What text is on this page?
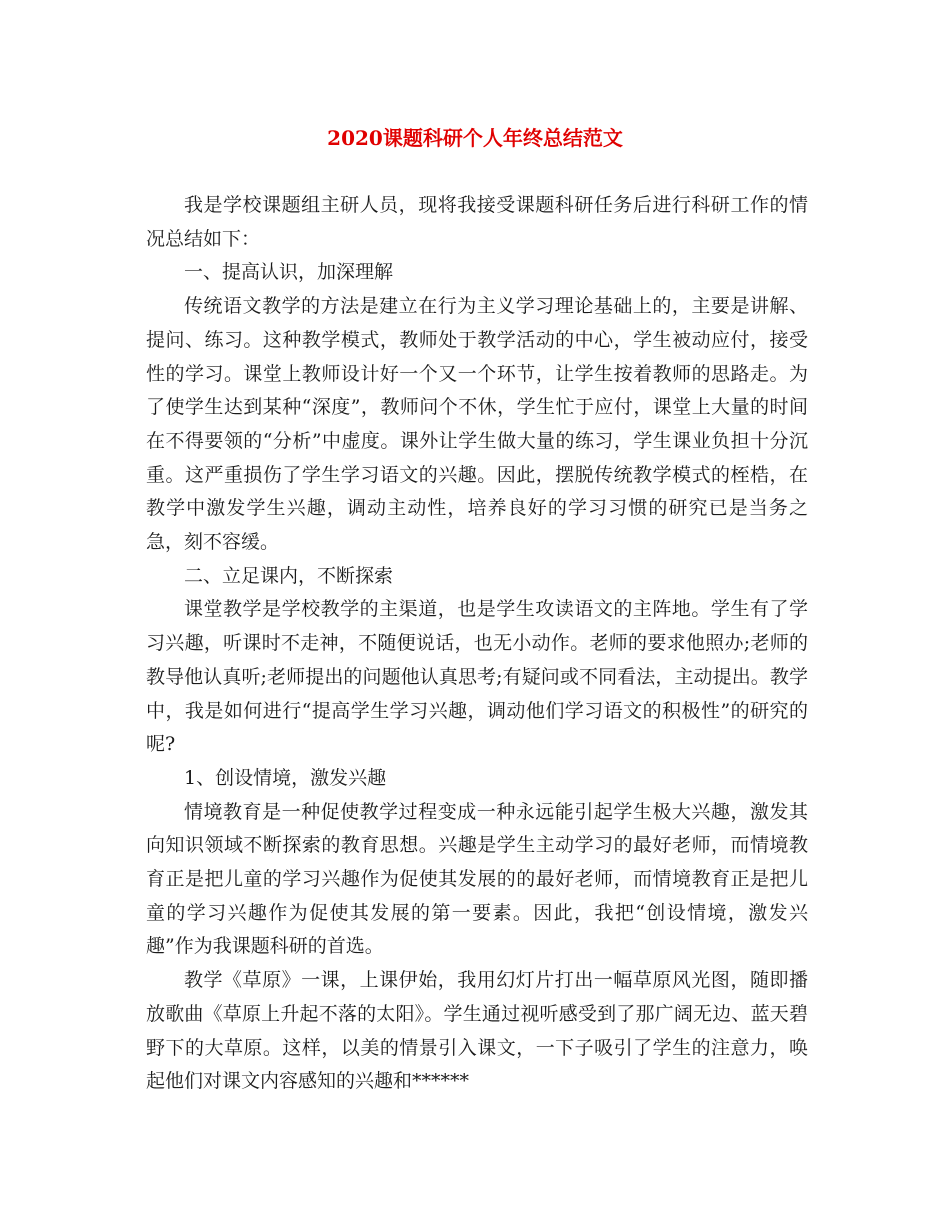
2020课题科研个人年终总结范文

我是学校课题组主研人员，现将我接受课题科研任务后进行科研工作的情况总结如下：

一、提高认识，加深理解

传统语文教学的方法是建立在行为主义学习理论基础上的，主要是讲解、提问、练习。这种教学模式，教师处于教学活动的中心，学生被动应付，接受性的学习。课堂上教师设计好一个又一个环节，让学生按着教师的思路走。为了使学生达到某种“深度”，教师问个不休，学生忙于应付，课堂上大量的时间在不得要领的“分析”中虚度。课外让学生做大量的练习，学生课业负担十分沉重。这严重损伤了学生学习语文的兴趣。因此，摆脱传统教学模式的桎梏，在教学中激发学生兴趣，调动主动性，培养良好的学习习惯的研究已是当务之急，刻不容缓。

二、立足课内，不断探索

课堂教学是学校教学的主渠道，也是学生攻读语文的主阵地。学生有了学习兴趣，听课时不走神，不随便说话，也无小动作。老师的要求他照办;老师的教导他认真听;老师提出的问题他认真思考;有疑问或不同看法，主动提出。教学中，我是如何进行“提高学生学习兴趣，调动他们学习语文的积极性”的研究的呢?

1、创设情境，激发兴趣

情境教育是一种促使教学过程变成一种永远能引起学生极大兴趣，激发其向知识领域不断探索的教育思想。兴趣是学生主动学习的最好老师，而情境教育正是把儿童的学习兴趣作为促使其发展的的最好老师，而情境教育正是把儿童的学习兴趣作为促使其发展的第一要素。因此，我把“创设情境，激发兴趣”作为我课题科研的首选。

教学《草原》一课，上课伊始，我用幻灯片打出一幅草原风光图，随即播放歌曲《草原上升起不落的太阳》。学生通过视听感受到了那广阔无边、蓝天碧野下的大草原。这样，以美的情景引入课文，一下子吸引了学生的注意力，唤起他们对课文内容感知的兴趣和******
